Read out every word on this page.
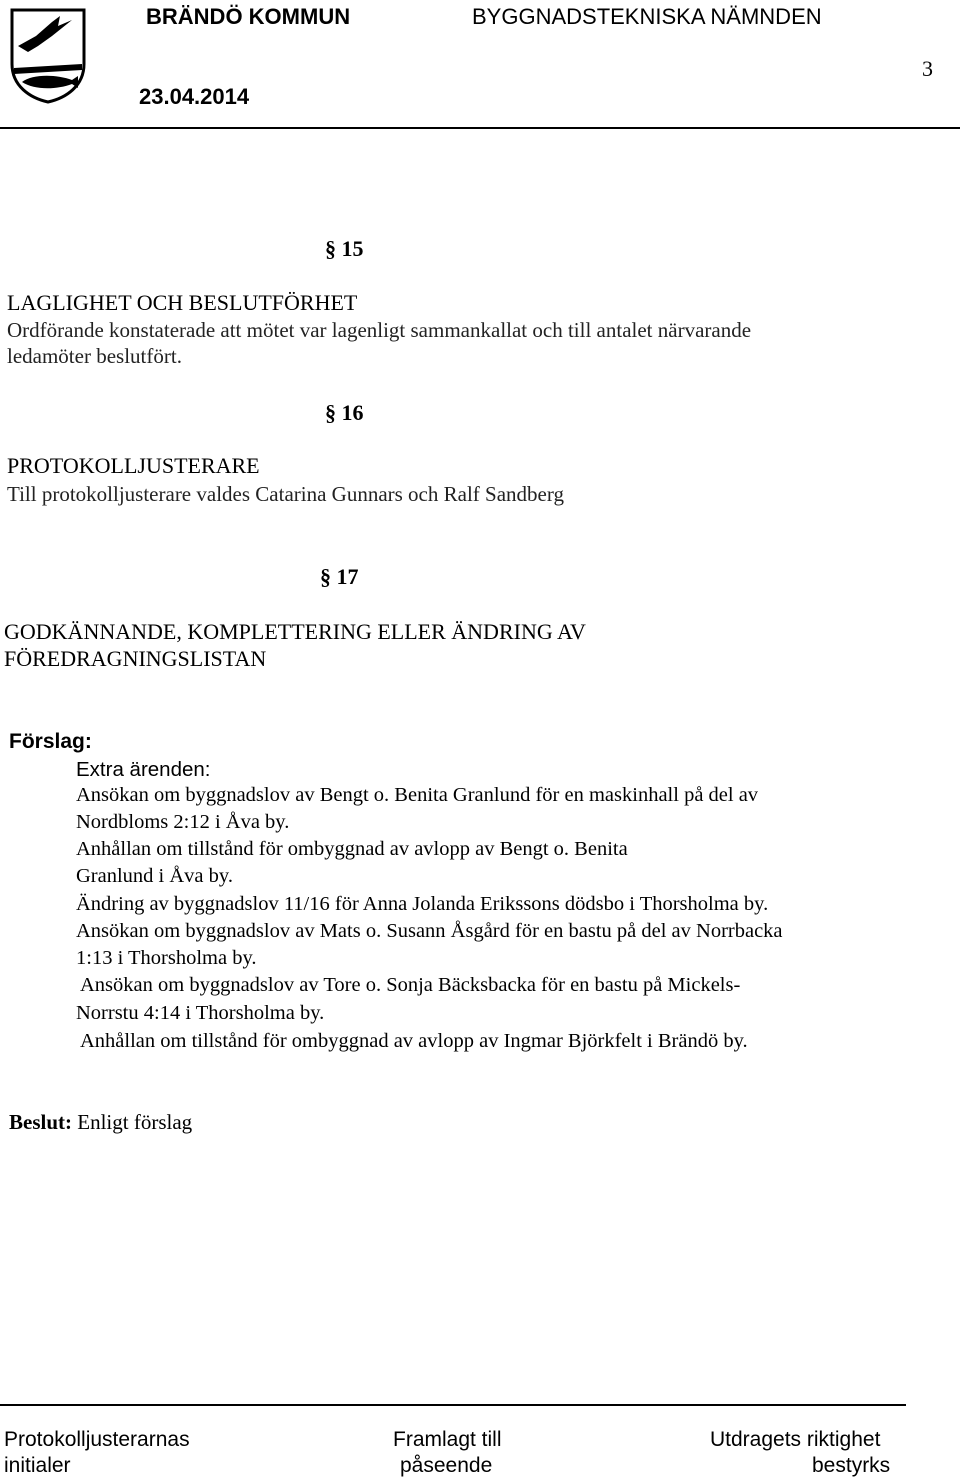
BRÄNDÖ KOMMUN	BYGGNADSTEKNISKA NÄMNDEN
23.04.2014
3
§ 15
LAGLIGHET OCH BESLUTFÖRHET
Ordförande konstaterade att mötet var lagenligt sammankallat och till antalet närvarande
ledamöter beslutfört.
§ 16
PROTOKOLLJUSTERARE
Till protokolljusterare valdes Catarina Gunnars och Ralf Sandberg
§ 17
GODKÄNNANDE, KOMPLETTERING ELLER ÄNDRING AV
FÖREDRAGNINGSLISTAN
Förslag:
Extra ärenden:
Ansökan om byggnadslov av Bengt o. Benita Granlund för en maskinhall på del av
Nordbloms 2:12 i Åva by.
Anhållan om tillstånd för ombyggnad av avlopp av Bengt o. Benita
Granlund i Åva by.
Ändring av byggnadslov 11/16 för Anna Jolanda Erikssons dödsbo i Thorsholma by.
Ansökan om byggnadslov av Mats o. Susann Åsgård för en bastu på del av Norrbacka
1:13 i Thorsholma by.
Ansökan om byggnadslov av Tore o. Sonja Bäcksbacka för en bastu på Mickels-
Norrstu 4:14 i Thorsholma by.
Anhållan om tillstånd för ombyggnad av avlopp av Ingmar Björkfelt i Brändö by.
Beslut: Enligt förslag
Protokolljusterarnas
initialer
Framlagt till
påseende
Utdragets riktighet
bestyrks
